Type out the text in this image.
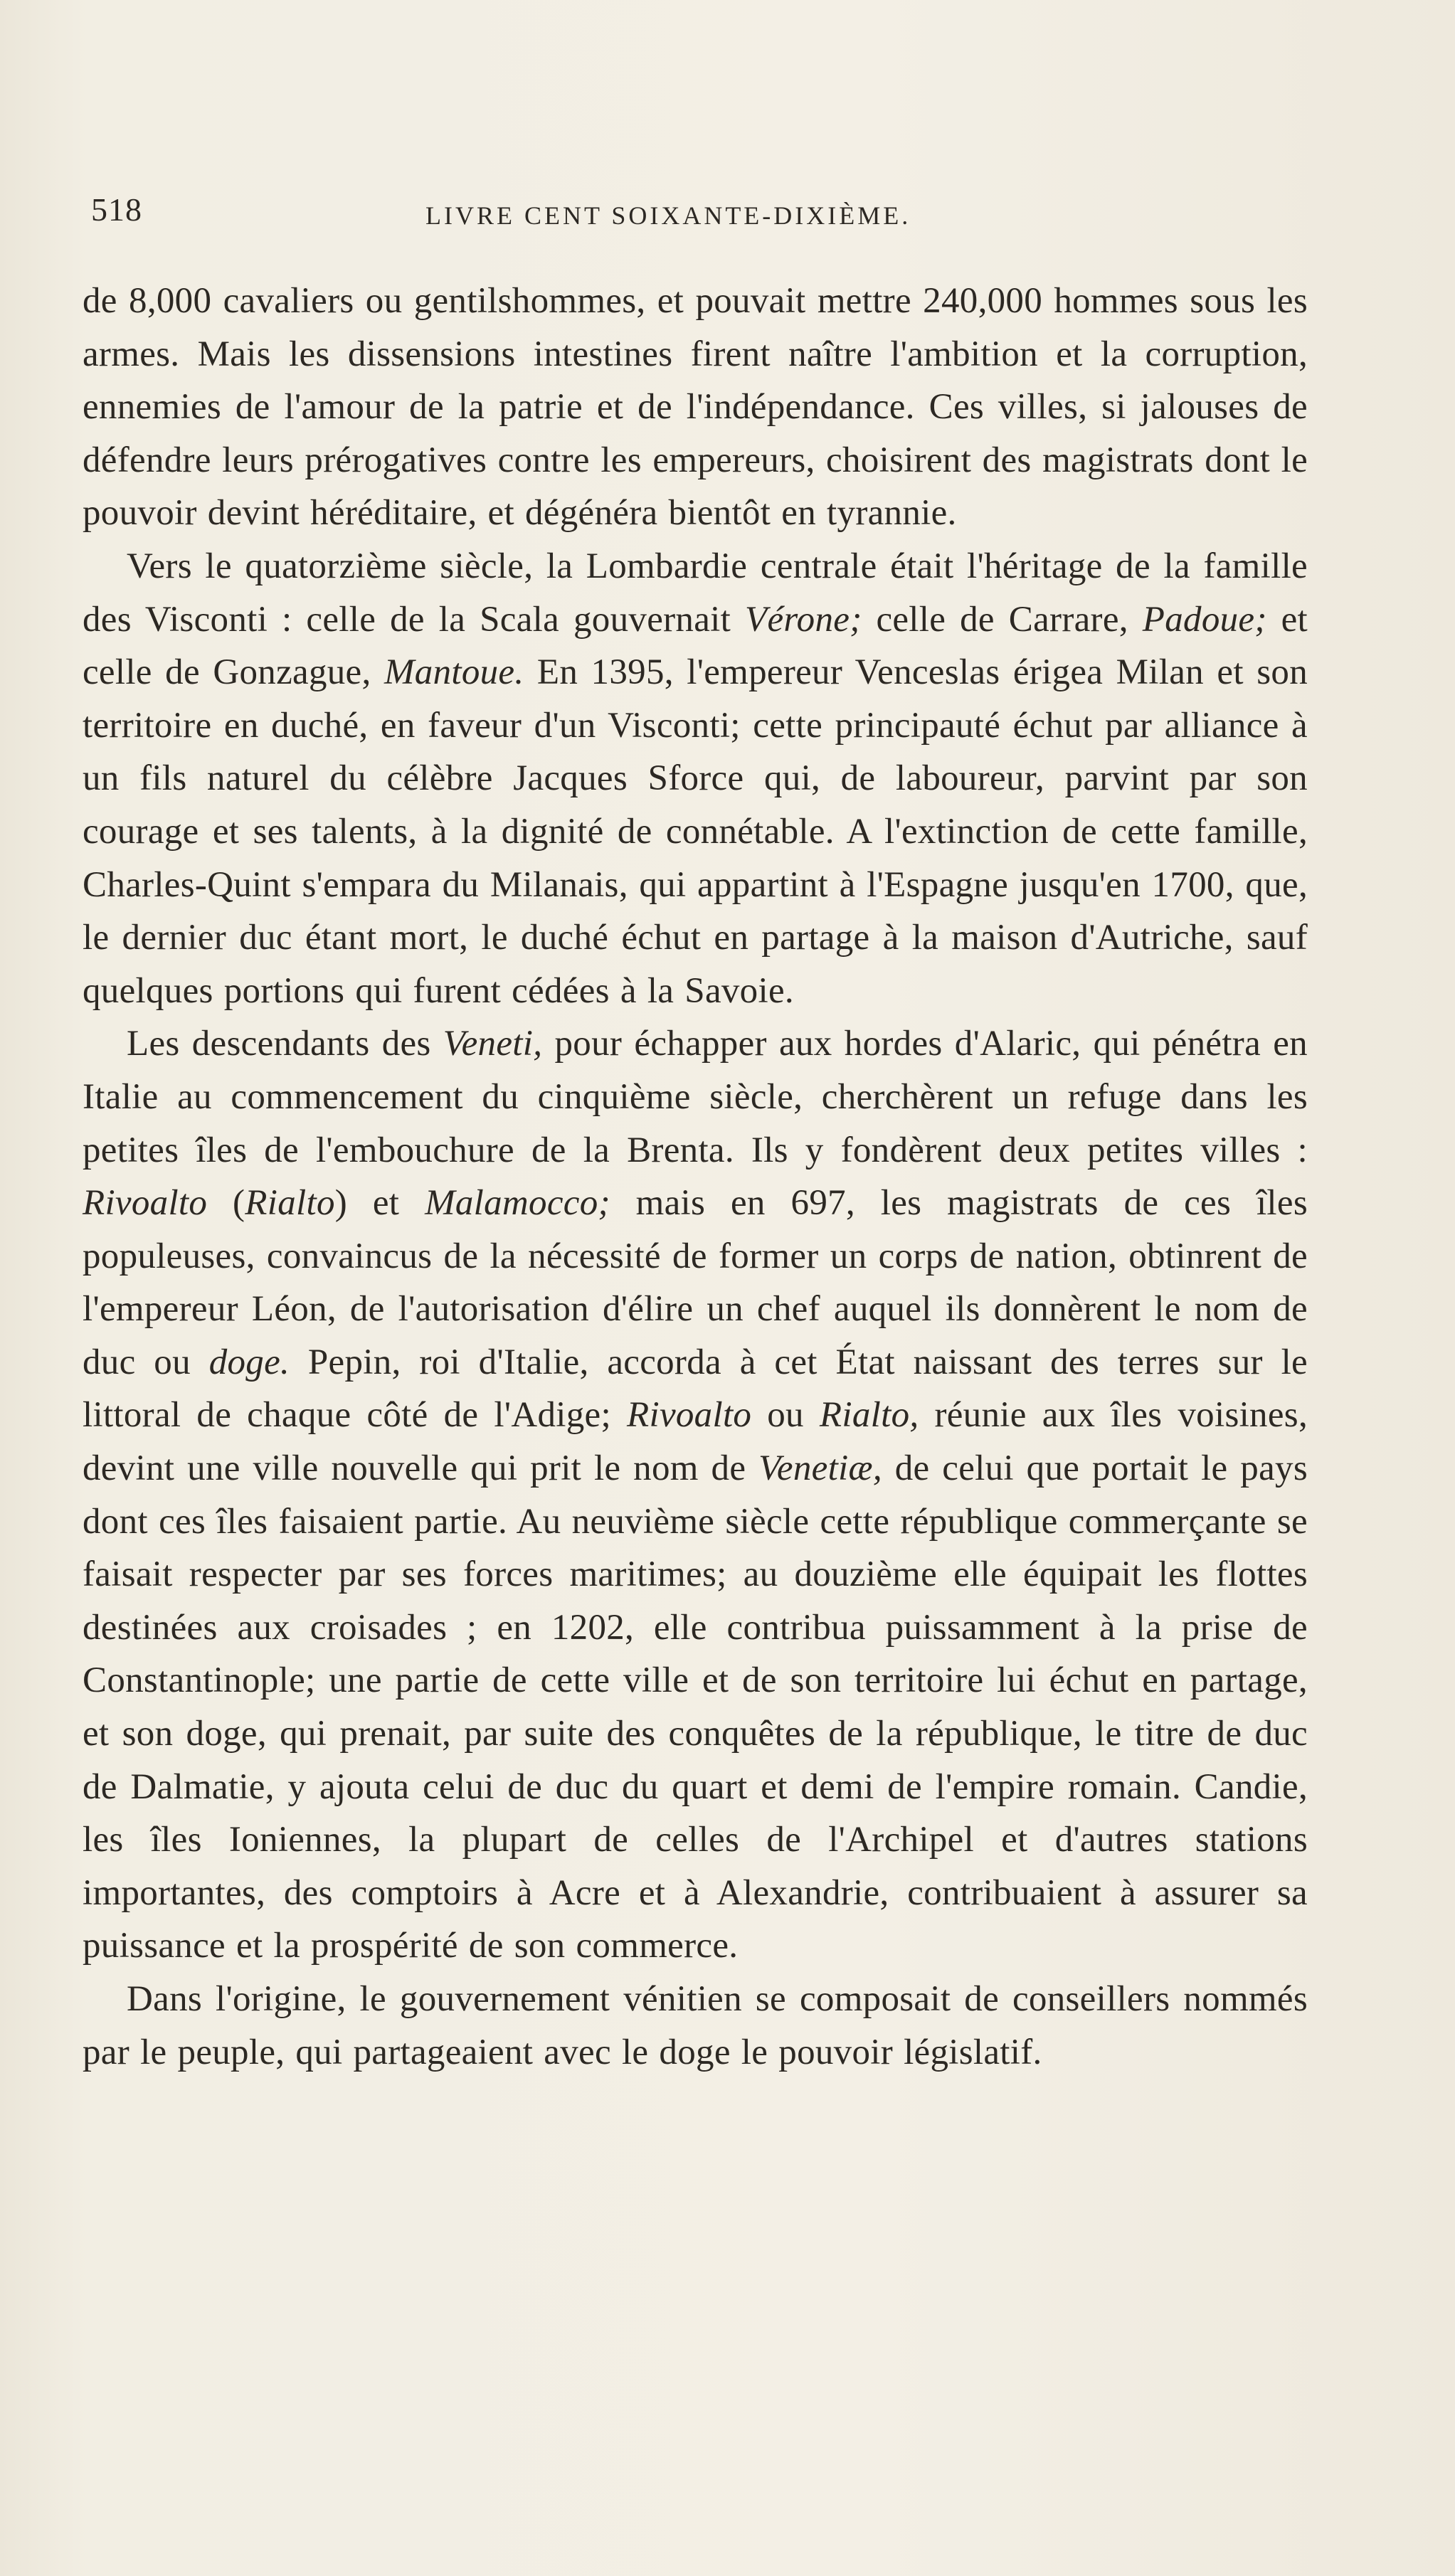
518	LIVRE CENT SOIXANTE-DIXIÈME.

de 8,000 cavaliers ou gentilshommes, et pouvait mettre 240,000 hommes sous les armes. Mais les dissensions intestines firent naître l'ambition et la corruption, ennemies de l'amour de la patrie et de l'indépendance. Ces villes, si jalouses de défendre leurs prérogatives contre les empereurs, choisirent des magistrats dont le pouvoir devint héréditaire, et dégénéra bientôt en tyrannie.

Vers le quatorzième siècle, la Lombardie centrale était l'héritage de la famille des Visconti : celle de la Scala gouvernait Vérone; celle de Carrare, Padoue; et celle de Gonzague, Mantoue. En 1395, l'empereur Venceslas érigea Milan et son territoire en duché, en faveur d'un Visconti; cette principauté échut par alliance à un fils naturel du célèbre Jacques Sforce qui, de laboureur, parvint par son courage et ses talents, à la dignité de connétable. A l'extinction de cette famille, Charles-Quint s'empara du Milanais, qui appartint à l'Espagne jusqu'en 1700, que, le dernier duc étant mort, le duché échut en partage à la maison d'Autriche, sauf quelques portions qui furent cédées à la Savoie.

Les descendants des Veneti, pour échapper aux hordes d'Alaric, qui pénétra en Italie au commencement du cinquième siècle, cherchèrent un refuge dans les petites îles de l'embouchure de la Brenta. Ils y fondèrent deux petites villes : Rivoalto (Rialto) et Malamocco; mais en 697, les magistrats de ces îles populeuses, convaincus de la nécessité de former un corps de nation, obtinrent de l'empereur Léon, de l'autorisation d'élire un chef auquel ils donnèrent le nom de duc ou doge. Pepin, roi d'Italie, accorda à cet État naissant des terres sur le littoral de chaque côté de l'Adige; Rivoalto ou Rialto, réunie aux îles voisines, devint une ville nouvelle qui prit le nom de Venetiæ, de celui que portait le pays dont ces îles faisaient partie. Au neuvième siècle cette république commerçante se faisait respecter par ses forces maritimes; au douzième elle équipait les flottes destinées aux croisades ; en 1202, elle contribua puissamment à la prise de Constantinople; une partie de cette ville et de son territoire lui échut en partage, et son doge, qui prenait, par suite des conquêtes de la république, le titre de duc de Dalmatie, y ajouta celui de duc du quart et demi de l'empire romain. Candie, les îles Ioniennes, la plupart de celles de l'Archipel et d'autres stations importantes, des comptoirs à Acre et à Alexandrie, contribuaient à assurer sa puissance et la prospérité de son commerce.

Dans l'origine, le gouvernement vénitien se composait de conseillers nommés par le peuple, qui partageaient avec le doge le pouvoir législatif.
